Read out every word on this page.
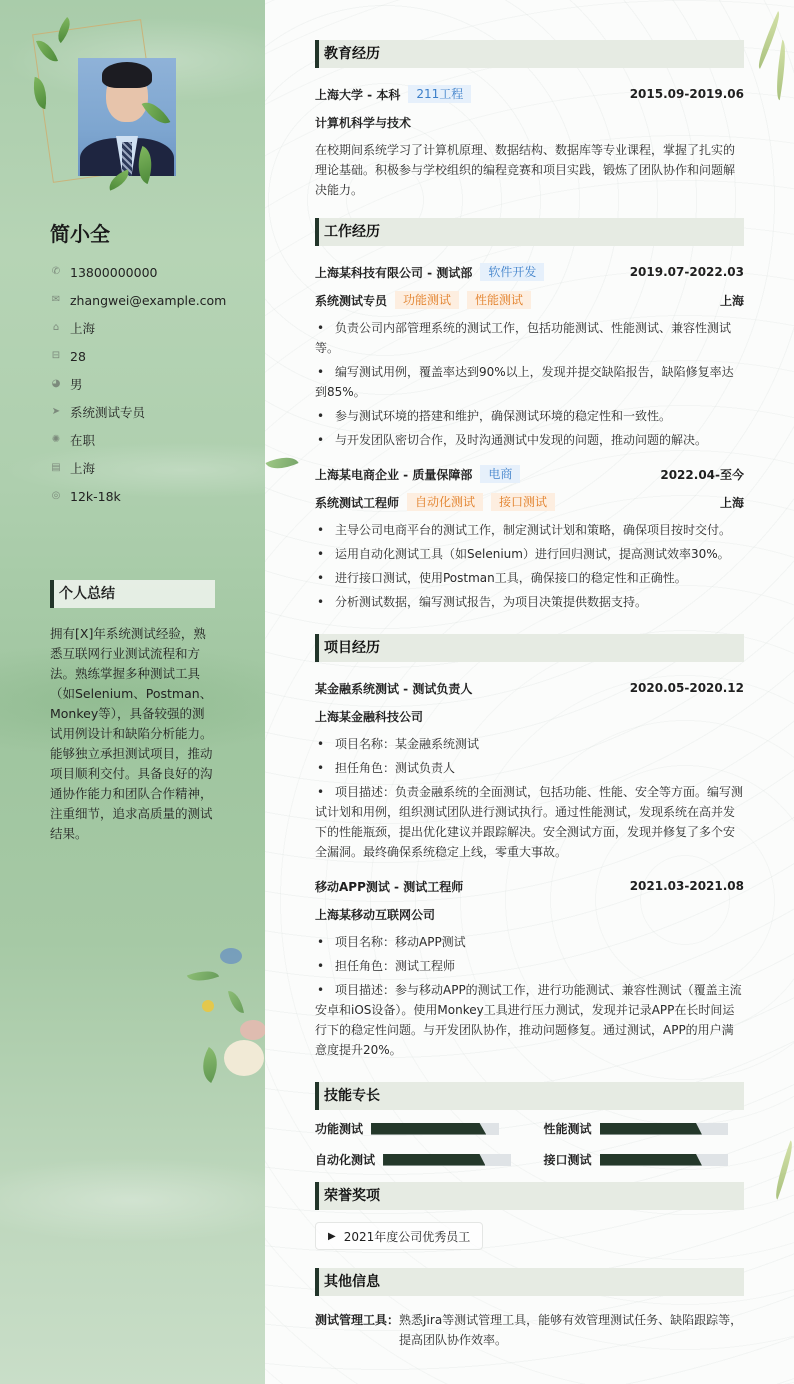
简小全
✆ 13800000000
✉ zhangwei@example.com
⌂ 上海
⊟ 28
◕ 男
➤ 系统测试专员
✺ 在职
▤ 上海
◎ 12k-18k
个人总结
拥有[X]年系统测试经验，熟悉互联网行业测试流程和方法。熟练掌握多种测试工具（如Selenium、Postman、Monkey等），具备较强的测试用例设计和缺陷分析能力。能够独立承担测试项目，推动项目顺利交付。具备良好的沟通协作能力和团队合作精神，注重细节，追求高质量的测试结果。
教育经历
上海大学 - 本科	211工程	2015.09-2019.06
计算机科学与技术
在校期间系统学习了计算机原理、数据结构、数据库等专业课程，掌握了扎实的理论基础。积极参与学校组织的编程竞赛和项目实践，锻炼了团队协作和问题解决能力。
工作经历
上海某科技有限公司 - 测试部	软件开发	2019.07-2022.03
系统测试专员	功能测试	性能测试	上海
• 负责公司内部管理系统的测试工作，包括功能测试、性能测试、兼容性测试等。
• 编写测试用例，覆盖率达到90%以上，发现并提交缺陷报告，缺陷修复率达到85%。
• 参与测试环境的搭建和维护，确保测试环境的稳定性和一致性。
• 与开发团队密切合作，及时沟通测试中发现的问题，推动问题的解决。
上海某电商企业 - 质量保障部	电商	2022.04-至今
系统测试工程师	自动化测试	接口测试	上海
• 主导公司电商平台的测试工作，制定测试计划和策略，确保项目按时交付。
• 运用自动化测试工具（如Selenium）进行回归测试，提高测试效率30%。
• 进行接口测试，使用Postman工具，确保接口的稳定性和正确性。
• 分析测试数据，编写测试报告，为项目决策提供数据支持。
项目经历
某金融系统测试 - 测试负责人	2020.05-2020.12
上海某金融科技公司
• 项目名称：某金融系统测试
• 担任角色：测试负责人
• 项目描述：负责金融系统的全面测试，包括功能、性能、安全等方面。编写测试计划和用例，组织测试团队进行测试执行。通过性能测试，发现系统在高并发下的性能瓶颈，提出优化建议并跟踪解决。安全测试方面，发现并修复了多个安全漏洞。最终确保系统稳定上线，零重大事故。
移动APP测试 - 测试工程师	2021.03-2021.08
上海某移动互联网公司
• 项目名称：移动APP测试
• 担任角色：测试工程师
• 项目描述：参与移动APP的测试工作，进行功能测试、兼容性测试（覆盖主流安卓和iOS设备）。使用Monkey工具进行压力测试，发现并记录APP在长时间运行下的稳定性问题。与开发团队协作，推动问题修复。通过测试，APP的用户满意度提升20%。
技能专长
功能测试	性能测试
自动化测试	接口测试
荣誉奖项
▶ 2021年度公司优秀员工
其他信息
测试管理工具： 熟悉Jira等测试管理工具，能够有效管理测试任务、缺陷跟踪等，提高团队协作效率。
